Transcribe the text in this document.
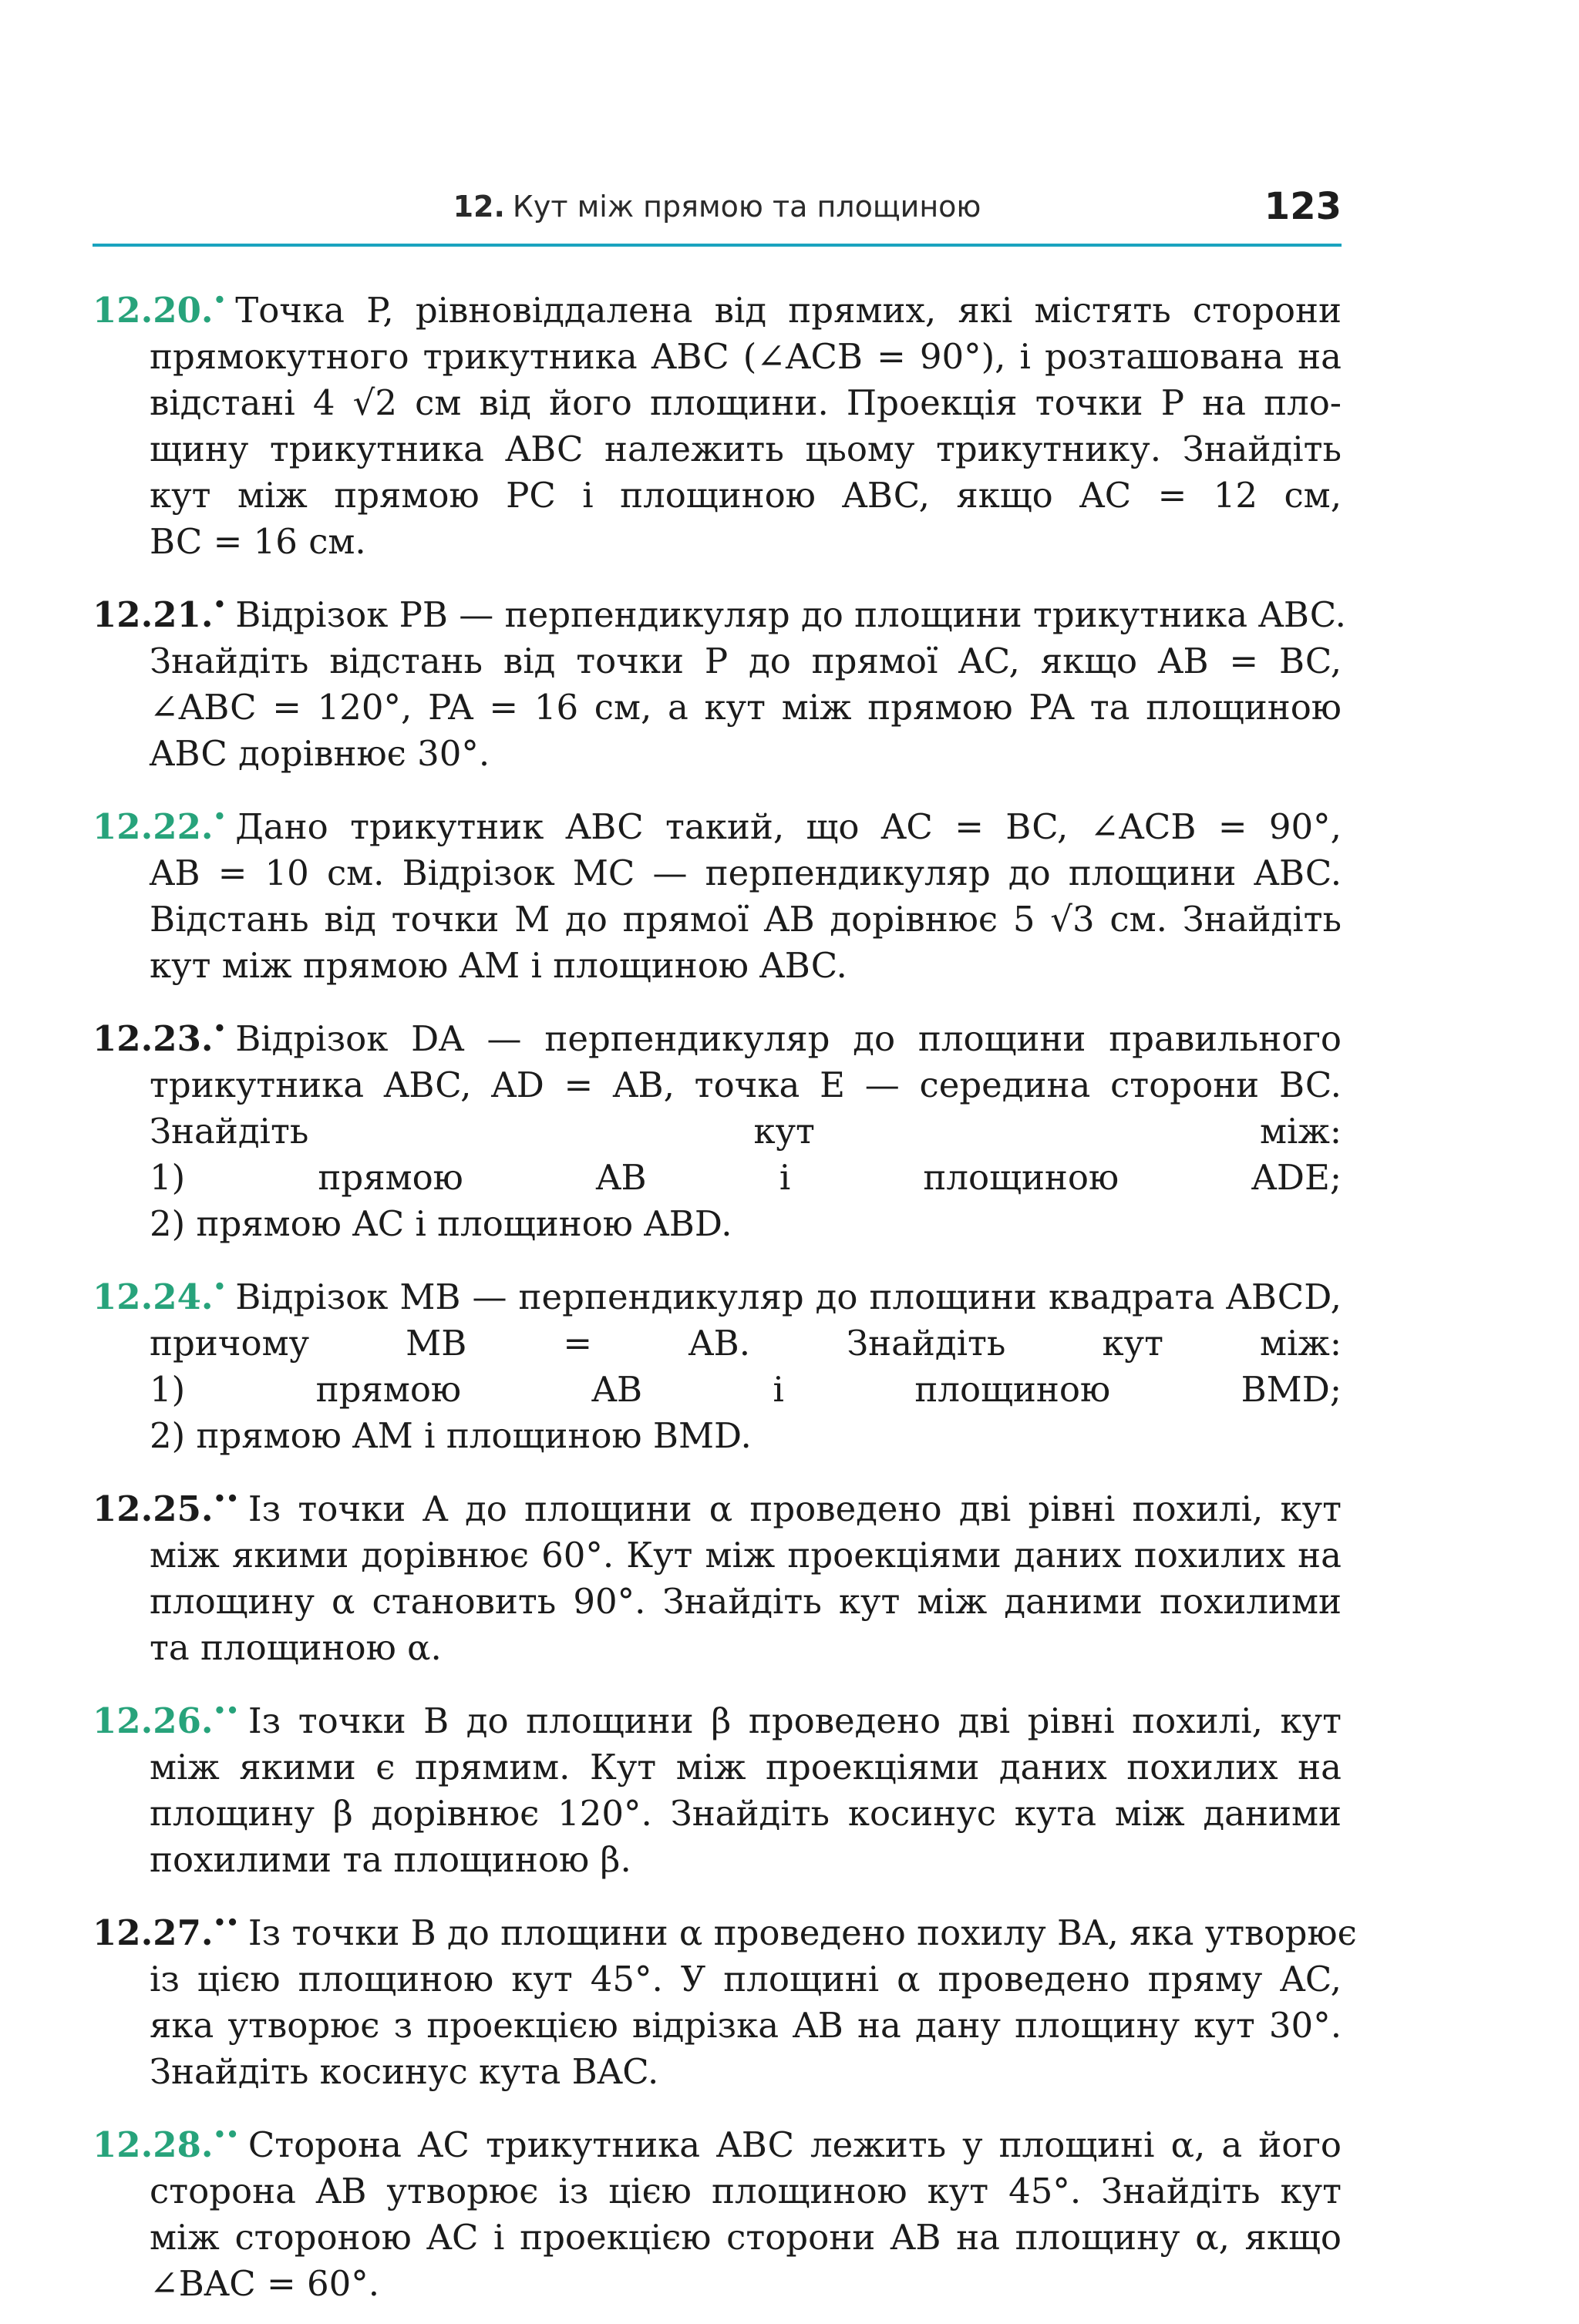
12. Кут між прямою та площиною	123
12.20.• Точка P, рівновіддалена від прямих, які містять сторони
прямокутного трикутника ABC (∠ACB = 90°), і розташована на
відстані 4 √2 см від його площини. Проекція точки P на пло-
щину трикутника ABC належить цьому трикутнику. Знайдіть
кут між прямою PC і площиною ABC, якщо AC = 12 см,
BC = 16 см.
12.21.• Відрізок PB — перпендикуляр до площини трикутника ABC.
Знайдіть відстань від точки P до прямої AC, якщо AB = BC,
∠ABC = 120°, PA = 16 см, а кут між прямою PA та площиною
ABC дорівнює 30°.
12.22.• Дано трикутник ABC такий, що AC = BC, ∠ACB = 90°,
AB = 10 см. Відрізок MC — перпендикуляр до площини ABC.
Відстань від точки M до прямої AB дорівнює 5 √3 см. Знайдіть
кут між прямою AM і площиною ABC.
12.23.• Відрізок DA — перпендикуляр до площини правильного
трикутника ABC, AD = AB, точка E — середина сторони BC.
Знайдіть кут між:
1) прямою AB і площиною ADE;
2) прямою AC і площиною ABD.
12.24.• Відрізок MB — перпендикуляр до площини квадрата ABCD,
причому MB = AB. Знайдіть кут між:
1) прямою AB і площиною BMD;
2) прямою AM і площиною BMD.
12.25.•• Із точки A до площини α проведено дві рівні похилі, кут
між якими дорівнює 60°. Кут між проекціями даних похилих на
площину α становить 90°. Знайдіть кут між даними похилими
та площиною α.
12.26.•• Із точки B до площини β проведено дві рівні похилі, кут
між якими є прямим. Кут між проекціями даних похилих на
площину β дорівнює 120°. Знайдіть косинус кута між даними
похилими та площиною β.
12.27.•• Із точки B до площини α проведено похилу BA, яка утворює
із цією площиною кут 45°. У площині α проведено пряму AC,
яка утворює з проекцією відрізка AB на дану площину кут 30°.
Знайдіть косинус кута BAC.
12.28.•• Сторона AC трикутника ABC лежить у площині α, а його
сторона AB утворює із цією площиною кут 45°. Знайдіть кут
між стороною AC і проекцією сторони AB на площину α, якщо
∠BAC = 60°.
